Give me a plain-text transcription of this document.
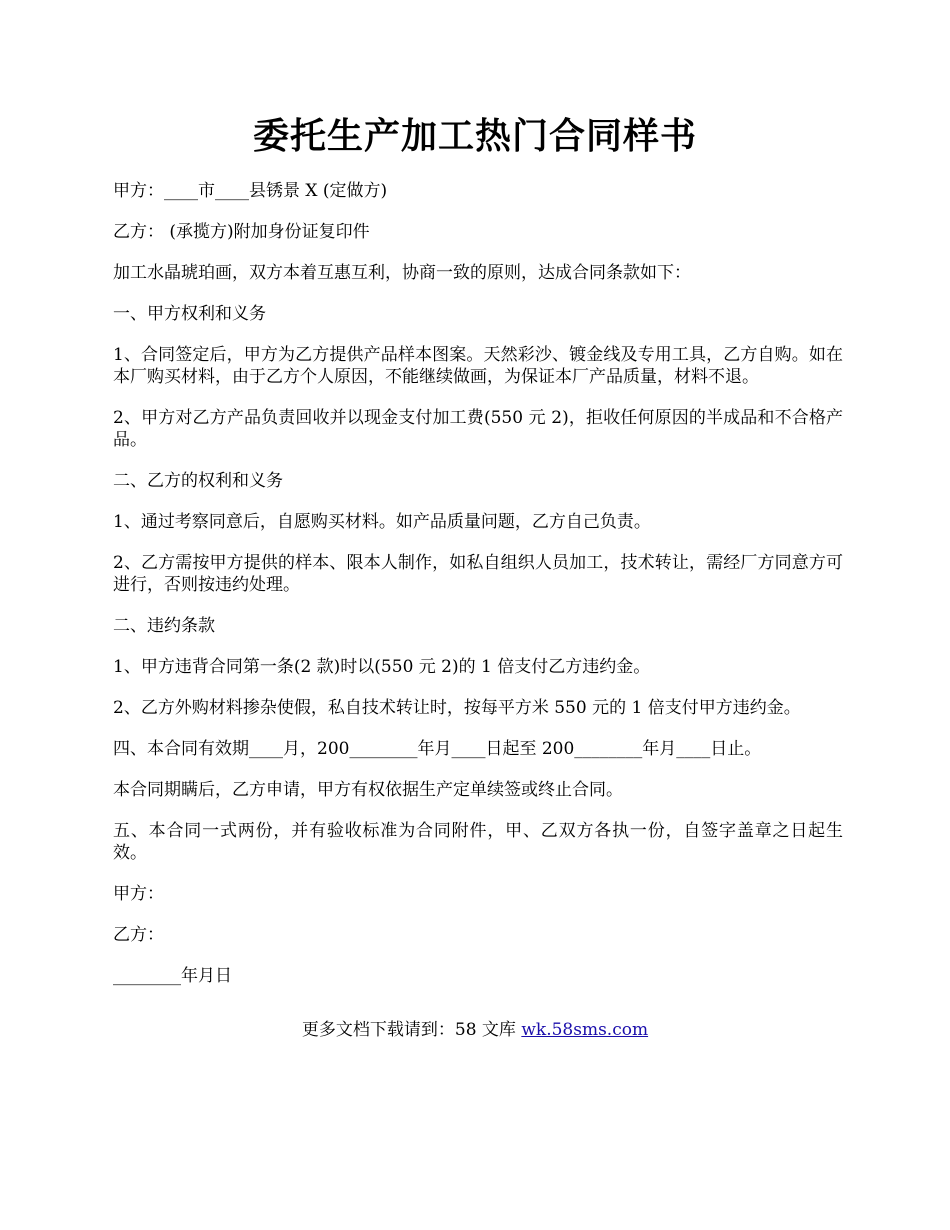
委托生产加工热门合同样书

甲方：____市____县锈景 X (定做方)

乙方： (承揽方)附加身份证复印件

加工水晶琥珀画，双方本着互惠互利，协商一致的原则，达成合同条款如下：

一、甲方权利和义务

1、合同签定后，甲方为乙方提供产品样本图案。天然彩沙、镀金线及专用工具，乙方自购。如在本厂购买材料，由于乙方个人原因，不能继续做画，为保证本厂产品质量，材料不退。

2、甲方对乙方产品负责回收并以现金支付加工费(550 元 2)，拒收任何原因的半成品和不合格产品。

二、乙方的权利和义务

1、通过考察同意后，自愿购买材料。如产品质量问题，乙方自己负责。

2、乙方需按甲方提供的样本、限本人制作，如私自组织人员加工，技术转让，需经厂方同意方可进行，否则按违约处理。

二、违约条款

1、甲方违背合同第一条(2 款)时以(550 元 2)的 1 倍支付乙方违约金。

2、乙方外购材料掺杂使假，私自技术转让时，按每平方米 550 元的 1 倍支付甲方违约金。

四、本合同有效期____月，200________年月____日起至 200________年月____日止。

本合同期瞒后，乙方申请，甲方有权依据生产定单续签或终止合同。

五、本合同一式两份，并有验收标准为合同附件，甲、乙双方各执一份，自签字盖章之日起生效。

甲方：

乙方：

________年月日

更多文档下载请到：58 文库 wk.58sms.com
